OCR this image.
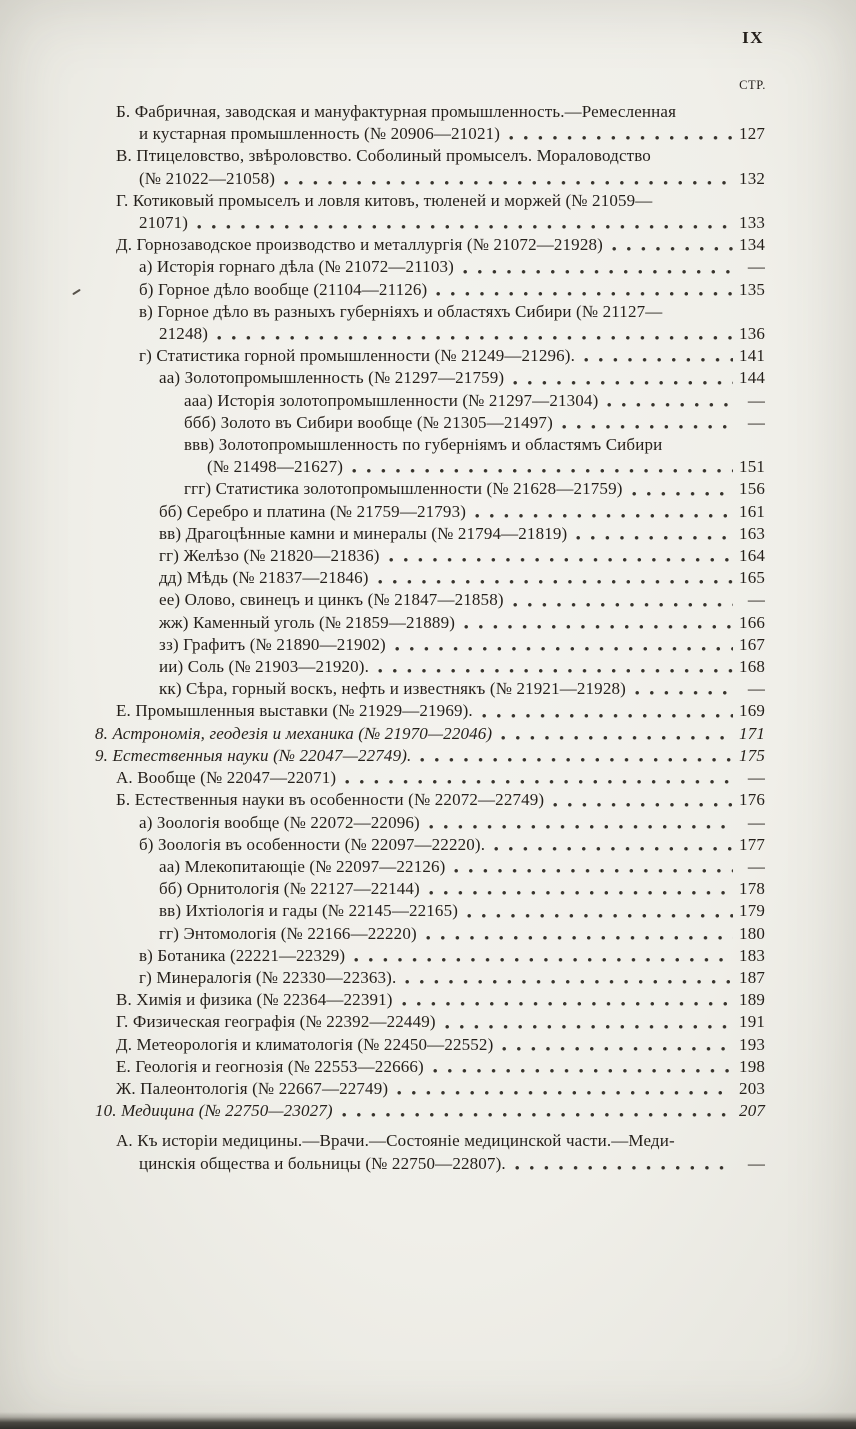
IX
СТР.
Б. Фабричная, заводская и мануфактурная промышленность.—Ремесленная
и кустарная промышленность (№ 20906—21021)	127
В. Птицеловство, звѣроловство. Соболиный промыселъ. Мораловодство
(№ 21022—21058)	132
Г. Котиковый промыселъ и ловля китовъ, тюленей и моржей (№ 21059—
21071)	133
Д. Горнозаводское производство и металлургія (№ 21072—21928)	134
а) Исторія горнаго дѣла (№ 21072—21103)	—
б) Горное дѣло вообще (21104—21126)	135
в) Горное дѣло въ разныхъ губерніяхъ и областяхъ Сибири (№ 21127—
21248)	136
г) Статистика горной промышленности (№ 21249—21296).	141
аа) Золотопромышленность (№ 21297—21759)	144
ааа) Исторія золотопромышленности (№ 21297—21304)	—
ббб) Золото въ Сибири вообще (№ 21305—21497)	—
ввв) Золотопромышленность по губерніямъ и областямъ Сибири
(№ 21498—21627)	151
ггг) Статистика золотопромышленности (№ 21628—21759)	156
бб) Серебро и платина (№ 21759—21793)	161
вв) Драгоцѣнные камни и минералы (№ 21794—21819)	163
гг) Желѣзо (№ 21820—21836)	164
дд) Мѣдь (№ 21837—21846)	165
ее) Олово, свинецъ и цинкъ (№ 21847—21858)	—
жж) Каменный уголь (№ 21859—21889)	166
зз) Графитъ (№ 21890—21902)	167
ии) Соль (№ 21903—21920).	168
кк) Сѣра, горный воскъ, нефть и известнякъ (№ 21921—21928)	—
Е. Промышленныя выставки (№ 21929—21969).	169
8. Астрономія, геодезія и механика (№ 21970—22046)	171
9. Естественныя науки (№ 22047—22749).	175
А. Вообще (№ 22047—22071)	—
Б. Естественныя науки въ особенности (№ 22072—22749)	176
а) Зоологія вообще (№ 22072—22096)	—
б) Зоологія въ особенности (№ 22097—22220).	177
аа) Млекопитающіе (№ 22097—22126)	—
бб) Орнитологія (№ 22127—22144)	178
вв) Ихтіологія и гады (№ 22145—22165)	179
гг) Энтомологія (№ 22166—22220)	180
в) Ботаника (22221—22329)	183
г) Минералогія (№ 22330—22363).	187
В. Химія и физика (№ 22364—22391)	189
Г. Физическая географія (№ 22392—22449)	191
Д. Метеорологія и климатологія (№ 22450—22552)	193
Е. Геологія и геогнозія (№ 22553—22666)	198
Ж. Палеонтологія (№ 22667—22749)	203
10. Медицина (№ 22750—23027)	207
А. Къ исторіи медицины.—Врачи.—Состояніе медицинской части.—Меди-
цинскія общества и больницы (№ 22750—22807).	—
